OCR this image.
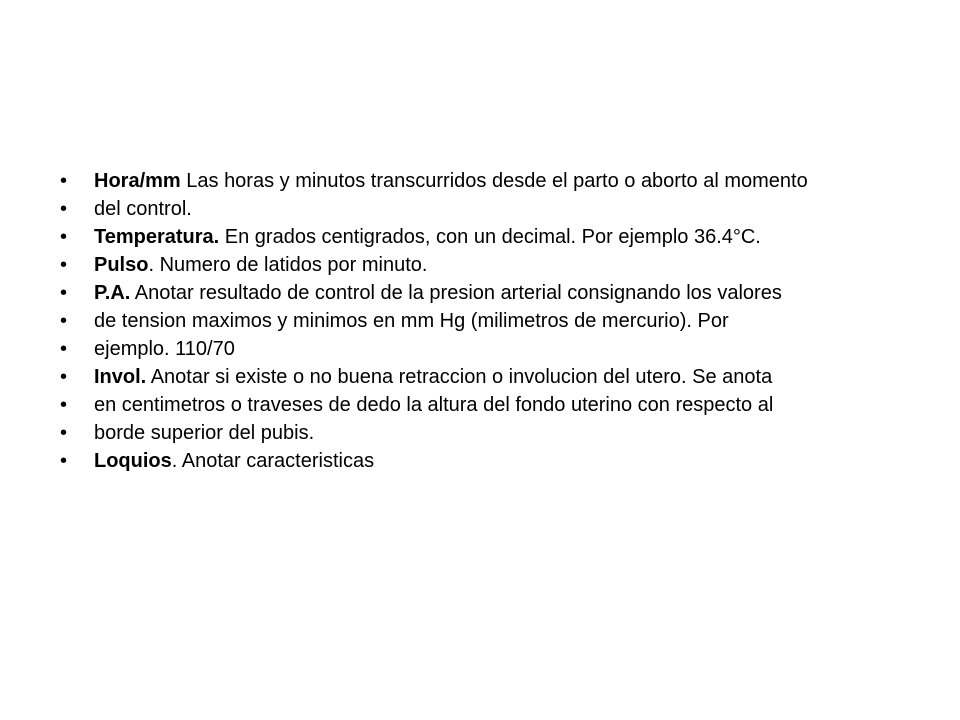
• Hora/mm Las horas y minutos transcurridos desde el parto o aborto al momento
• del control.
• Temperatura. En grados centigrados, con un decimal. Por ejemplo 36.4°C.
• Pulso. Numero de latidos por minuto.
• P.A. Anotar resultado de control de la presion arterial consignando los valores
• de tension maximos y minimos en mm Hg (milimetros de mercurio). Por
• ejemplo. 110/70
• Invol. Anotar si existe o no buena retraccion o involucion del utero. Se anota
• en centimetros o traveses de dedo la altura del fondo uterino con respecto al
• borde superior del pubis.
• Loquios. Anotar caracteristicas
